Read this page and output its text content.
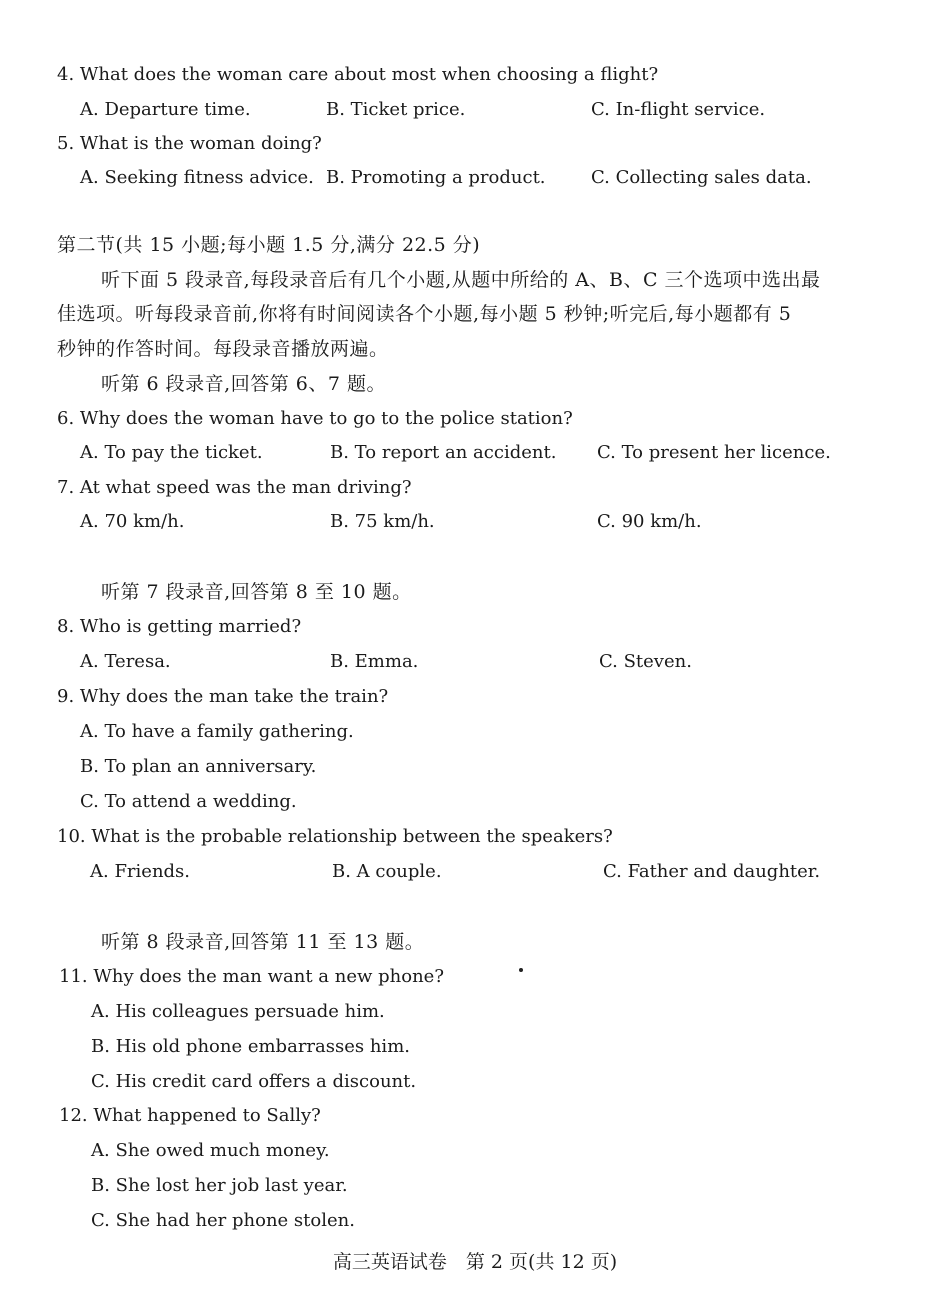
4. What does the woman care about most when choosing a flight?
A. Departure time.	B. Ticket price.	C. In-flight service.
5. What is the woman doing?
A. Seeking fitness advice. B. Promoting a product.	C. Collecting sales data.
第二节(共 15 小题;每小题 1.5 分,满分 22.5 分)
听下面 5 段录音,每段录音后有几个小题,从题中所给的 A、B、C 三个选项中选出最
佳选项。听每段录音前,你将有时间阅读各个小题,每小题 5 秒钟;听完后,每小题都有 5
秒钟的作答时间。每段录音播放两遍。
听第 6 段录音,回答第 6、7 题。
6. Why does the woman have to go to the police station?
A. To pay the ticket.	B. To report an accident. C. To present her licence.
7. At what speed was the man driving?
A. 70 km/h.	B. 75 km/h.	C. 90 km/h.
听第 7 段录音,回答第 8 至 10 题。
8. Who is getting married?
A. Teresa.	B. Emma.	C. Steven.
9. Why does the man take the train?
A. To have a family gathering.
B. To plan an anniversary.
C. To attend a wedding.
10. What is the probable relationship between the speakers?
A. Friends.	B. A couple.	C. Father and daughter.
听第 8 段录音,回答第 11 至 13 题。
11. Why does the man want a new phone?
A. His colleagues persuade him.
B. His old phone embarrasses him.
C. His credit card offers a discount.
12. What happened to Sally?
A. She owed much money.
B. She lost her job last year.
C. She had her phone stolen.
高三英语试卷　第 2 页(共 12 页)
